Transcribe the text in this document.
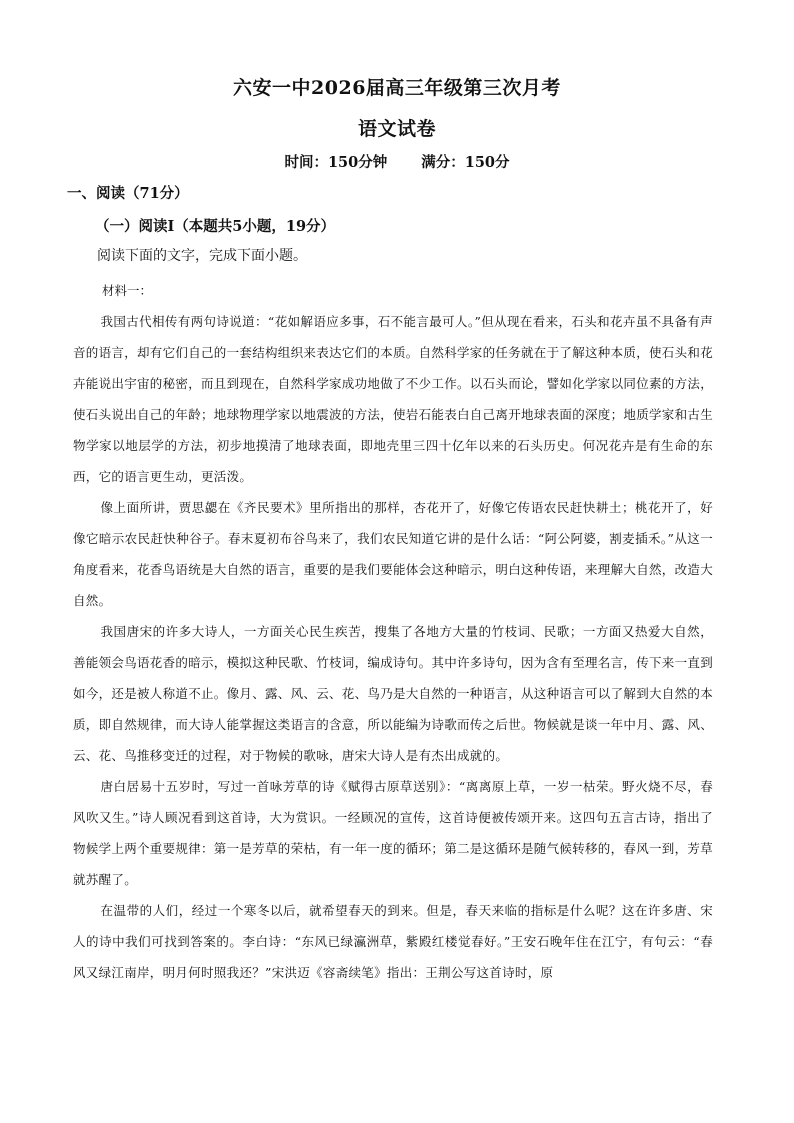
六安一中2026届高三年级第三次月考
语文试卷
时间：150分钟 满分：150分
一、阅读（71分）
（一）阅读Ⅰ（本题共5小题，19分）
阅读下面的文字，完成下面小题。
材料一：

我国古代相传有两句诗说道：“花如解语应多事，石不能言最可人。”但从现在看来，石头和花卉虽不具备有声音的语言，却有它们自己的一套结构组织来表达它们的本质。自然科学家的任务就在于了解这种本质，使石头和花卉能说出宇宙的秘密，而且到现在，自然科学家成功地做了不少工作。以石头而论，譬如化学家以同位素的方法，使石头说出自己的年龄；地球物理学家以地震波的方法，使岩石能表白自己离开地球表面的深度；地质学家和古生物学家以地层学的方法，初步地摸清了地球表面，即地壳里三四十亿年以来的石头历史。何况花卉是有生命的东西，它的语言更生动，更活泼。

像上面所讲，贾思勰在《齐民要术》里所指出的那样，杏花开了，好像它传语农民赶快耕土；桃花开了，好像它暗示农民赶快种谷子。春末夏初布谷鸟来了，我们农民知道它讲的是什么话：“阿公阿婆，割麦插禾。”从这一角度看来，花香鸟语统是大自然的语言，重要的是我们要能体会这种暗示，明白这种传语，来理解大自然，改造大自然。

我国唐宋的许多大诗人，一方面关心民生疾苦，搜集了各地方大量的竹枝词、民歌；一方面又热爱大自然，善能领会鸟语花香的暗示，模拟这种民歌、竹枝词，编成诗句。其中许多诗句，因为含有至理名言，传下来一直到如今，还是被人称道不止。像月、露、风、云、花、鸟乃是大自然的一种语言，从这种语言可以了解到大自然的本质，即自然规律，而大诗人能掌握这类语言的含意，所以能编为诗歌而传之后世。物候就是谈一年中月、露、风、云、花、鸟推移变迁的过程，对于物候的歌咏，唐宋大诗人是有杰出成就的。

唐白居易十五岁时，写过一首咏芳草的诗《赋得古原草送别》：“离离原上草，一岁一枯荣。野火烧不尽，春风吹又生。”诗人顾况看到这首诗，大为赏识。一经顾况的宣传，这首诗便被传颂开来。这四句五言古诗，指出了物候学上两个重要规律：第一是芳草的荣枯，有一年一度的循环；第二是这循环是随气候转移的，春风一到，芳草就苏醒了。

在温带的人们，经过一个寒冬以后，就希望春天的到来。但是，春天来临的指标是什么呢？这在许多唐、宋人的诗中我们可找到答案的。李白诗：“东风已绿瀛洲草，紫殿红楼觉春好。”王安石晚年住在江宁，有句云：“春风又绿江南岸，明月何时照我还？”宋洪迈《容斋续笔》指出：王荆公写这首诗时，原
